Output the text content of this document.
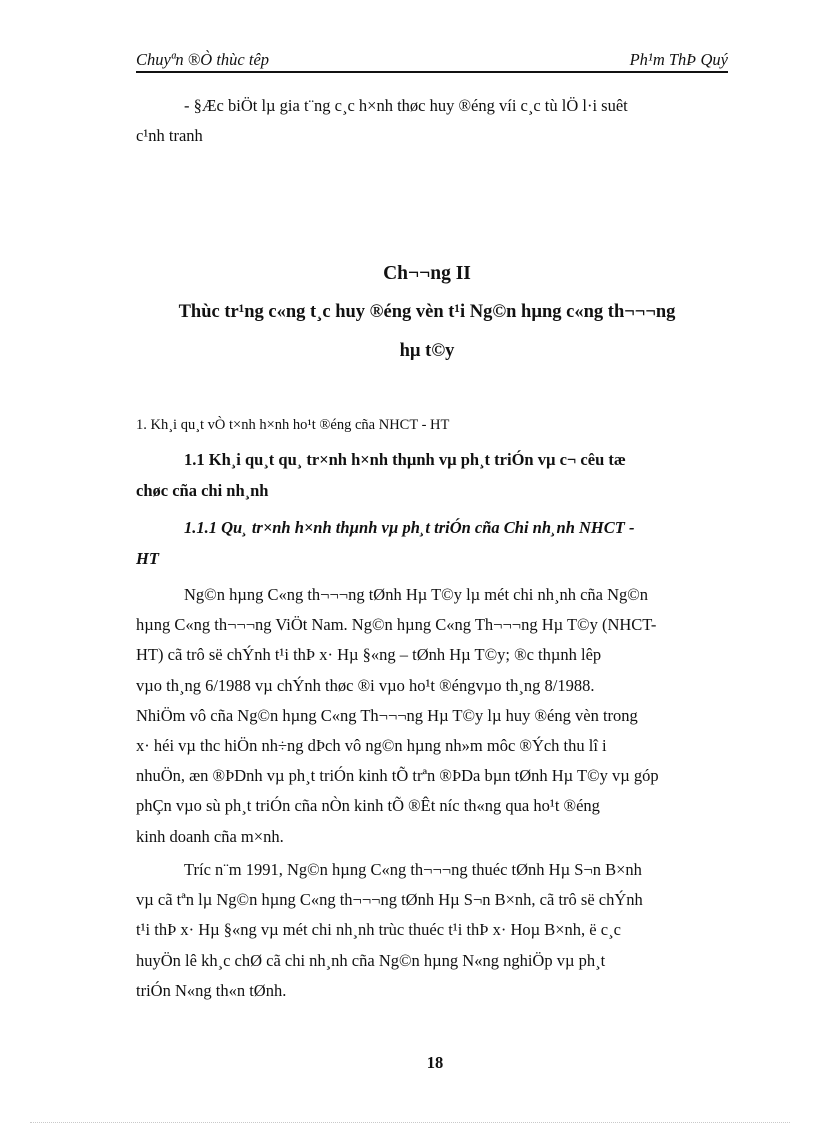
Chuyªn ®Ò thùc têp	Ph¹m ThÞ Quý
- §Æc biÖt lµ gia t¨ng c¸c h×nh thøc huy ®éng víi c¸c tù lÖ l·i suêt
c¹nh tranh
Ch¬¬ng II
Thùc tr¹ng c«ng t¸c huy ®éng vèn t¹i Ng©n hµng c«ng th¬¬¬ng
hµ t©y
1. Kh¸i qu¸t vÒ t×nh h×nh ho¹t ®éng cña NHCT - HT
1.1 Kh¸i qu¸t qu¸ tr×nh h×nh thµnh vµ ph¸t triÓn vµ c¬ cêu tæ
chøc cña chi nh¸nh
1.1.1 Qu¸ tr×nh h×nh thµnh vµ ph¸t triÓn cña Chi nh¸nh NHCT -
HT
Ng©n hµng C«ng th¬¬¬ng tØnh Hµ T©y lµ mét chi nh¸nh cña Ng©n
hµng C«ng th¬¬¬ng ViÖt Nam. Ng©n hµng C«ng Th¬¬¬ng Hµ T©y (NHCT-
HT) cã trô së chÝnh t¹i thÞ x· Hµ §«ng – tØnh Hµ T©y; ®c thµnh lêp
vµo th¸ng 6/1988 vµ chÝnh thøc ®i vµo ho¹t ®éngvµo th¸ng 8/1988.
NhiÖm vô cña Ng©n hµng C«ng Th¬¬¬ng Hµ T©y lµ huy ®éng vèn trong
x· héi vµ thc hiÖn nh÷ng dÞch vô ng©n hµng nh»m môc ®Ých thu lî i
nhuÖn, æn ®ÞDnh vµ ph¸t triÓn kinh tÕ trªn ®ÞDa bµn tØnh Hµ T©y vµ góp
phÇn vµo sù ph¸t triÓn cña nÒn kinh tÕ ®Êt níc th«ng qua ho¹t ®éng
kinh doanh cña m×nh.
Tríc n¨m 1991, Ng©n hµng C«ng th¬¬¬ng thuéc tØnh Hµ S¬n B×nh
vµ cã tªn lµ Ng©n hµng C«ng th¬¬¬ng tØnh Hµ S¬n B×nh, cã trô së chÝnh
t¹i thÞ x· Hµ §«ng vµ mét chi nh¸nh trùc thuéc t¹i thÞ x· Hoµ B×nh, ë c¸c
huyÖn lê kh¸c chØ cã chi nh¸nh cña Ng©n hµng N«ng nghiÖp vµ ph¸t
triÓn N«ng th«n tØnh.
18
